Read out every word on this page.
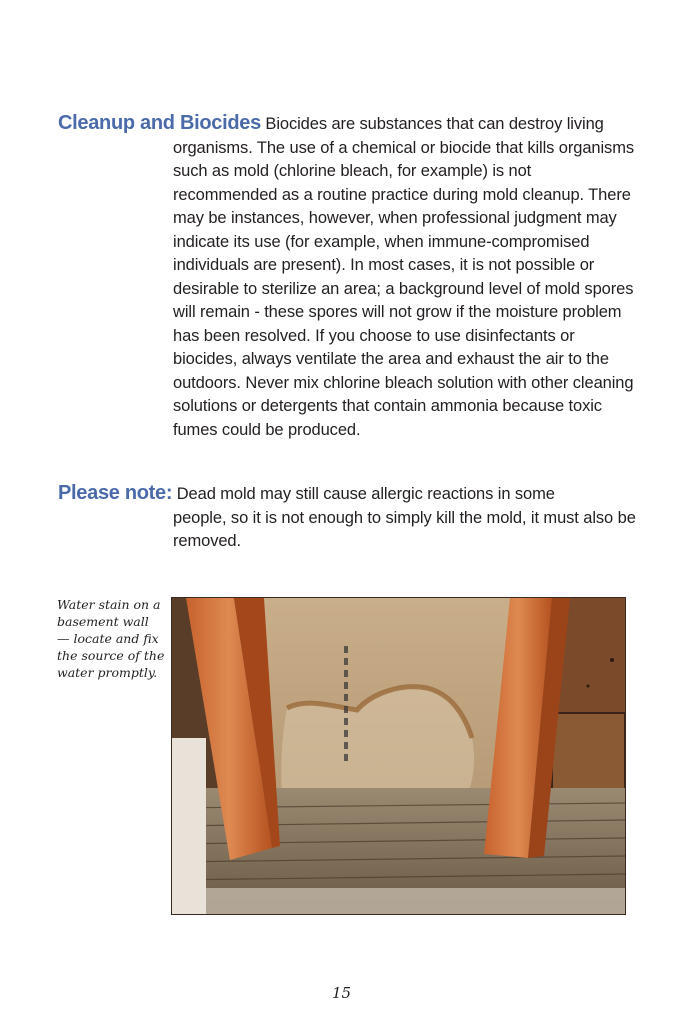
Cleanup and Biocides Biocides are substances that can destroy living
organisms. The use of a chemical or biocide that kills organisms such as mold (chlorine bleach, for example) is not recommended as a routine practice during mold cleanup. There may be instances, however, when professional judgment may indicate its use (for example, when immune-compromised individuals are present). In most cases, it is not possible or desirable to sterilize an area; a background level of mold spores will remain - these spores will not grow if the moisture problem has been resolved. If you choose to use disinfectants or biocides, always ventilate the area and exhaust the air to the outdoors. Never mix chlorine bleach solution with other cleaning solutions or detergents that contain ammonia because toxic fumes could be produced.
Please note: Dead mold may still cause allergic reactions in some
people, so it is not enough to simply kill the mold, it must also be removed.
Water stain on a basement wall — locate and fix the source of the water promptly.
15
